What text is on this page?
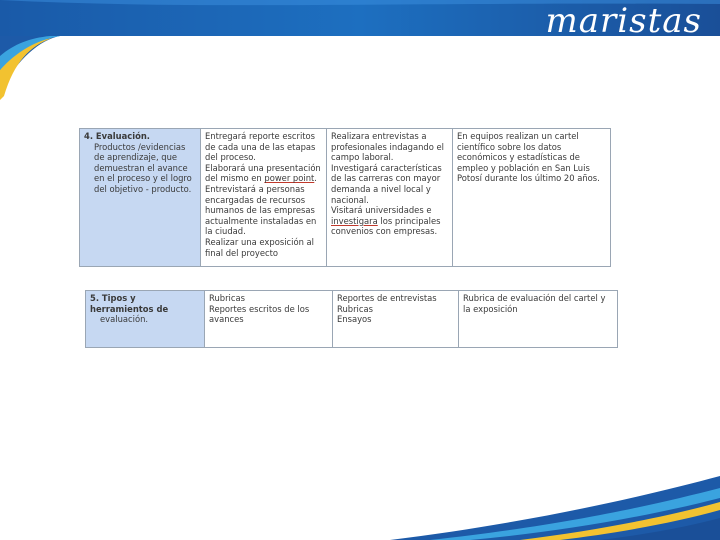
maristas
4. Evaluación.
Productos /evidencias
de aprendizaje, que
demuestran el avance
en el proceso y el logro
del objetivo - producto.

Entregará reporte escritos
de cada una de las etapas
del proceso.
Elaborará una presentación
del mismo en power point.
Entrevistará a personas
encargadas de recursos
humanos de las empresas
actualmente instaladas en
la ciudad.
Realizar una exposición al
final del proyecto

Realizara entrevistas a
profesionales indagando el
campo laboral.
Investigará características
de las carreras con mayor
demanda a nivel local y
nacional.
Visitará universidades e
investigara los principales
convenios con empresas.

En equipos realizan un cartel
científico sobre los datos
económicos y estadísticas de
empleo y población en San Luis
Potosí durante los último 20 años.
5. Tipos y herramientos de
evaluación.

Rubricas
Reportes escritos de los
avances

Reportes de entrevistas
Rubricas
Ensayos

Rubrica de evaluación del cartel y
la exposición
